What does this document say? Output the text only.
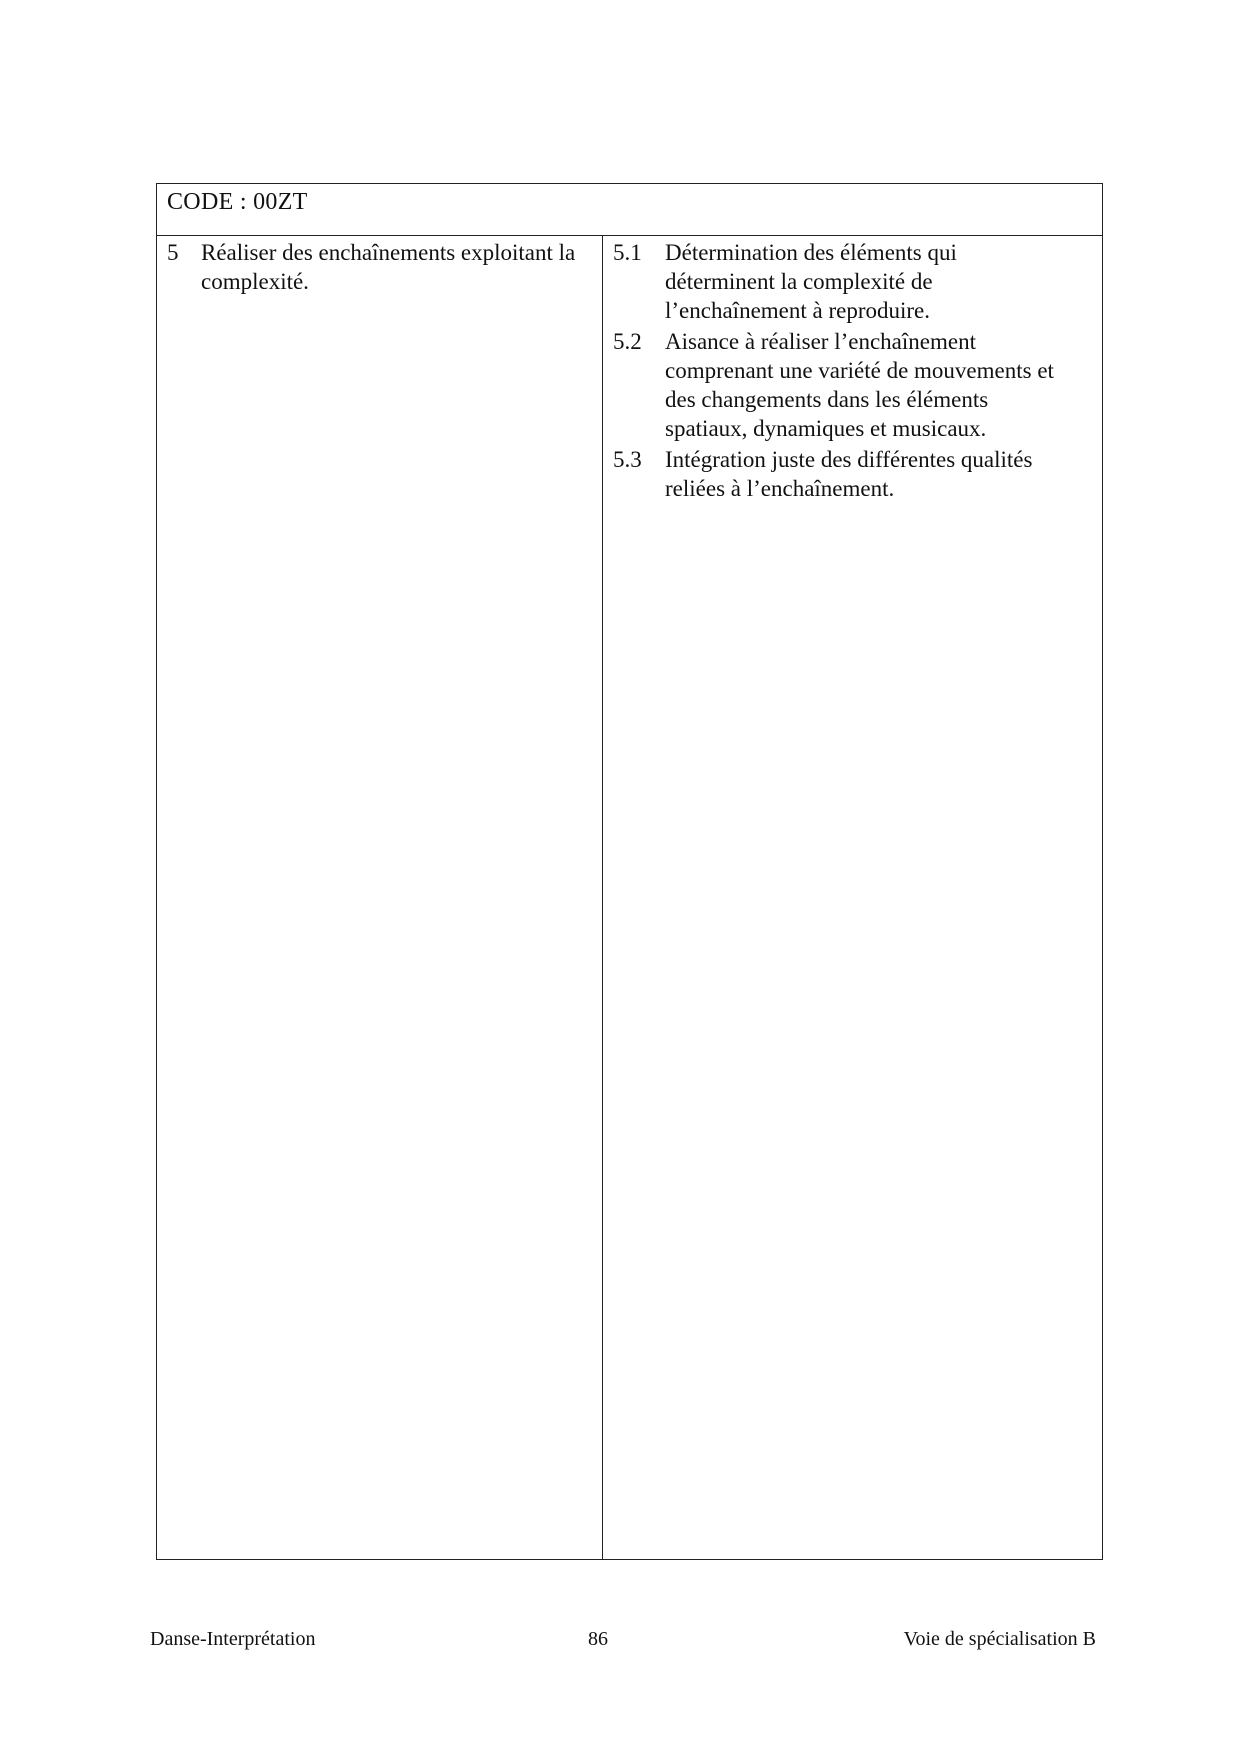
CODE : 00ZT
5 Réaliser des enchaînements exploitant la complexité.
5.1	Détermination des éléments qui
déterminent la complexité de
l’enchaînement à reproduire.
5.2	Aisance à réaliser l’enchaînement
comprenant une variété de mouvements et
des changements dans les éléments
spatiaux, dynamiques et musicaux.
5.3	Intégration juste des différentes qualités
reliées à l’enchaînement.
Danse-Interprétation	86	Voie de spécialisation B
